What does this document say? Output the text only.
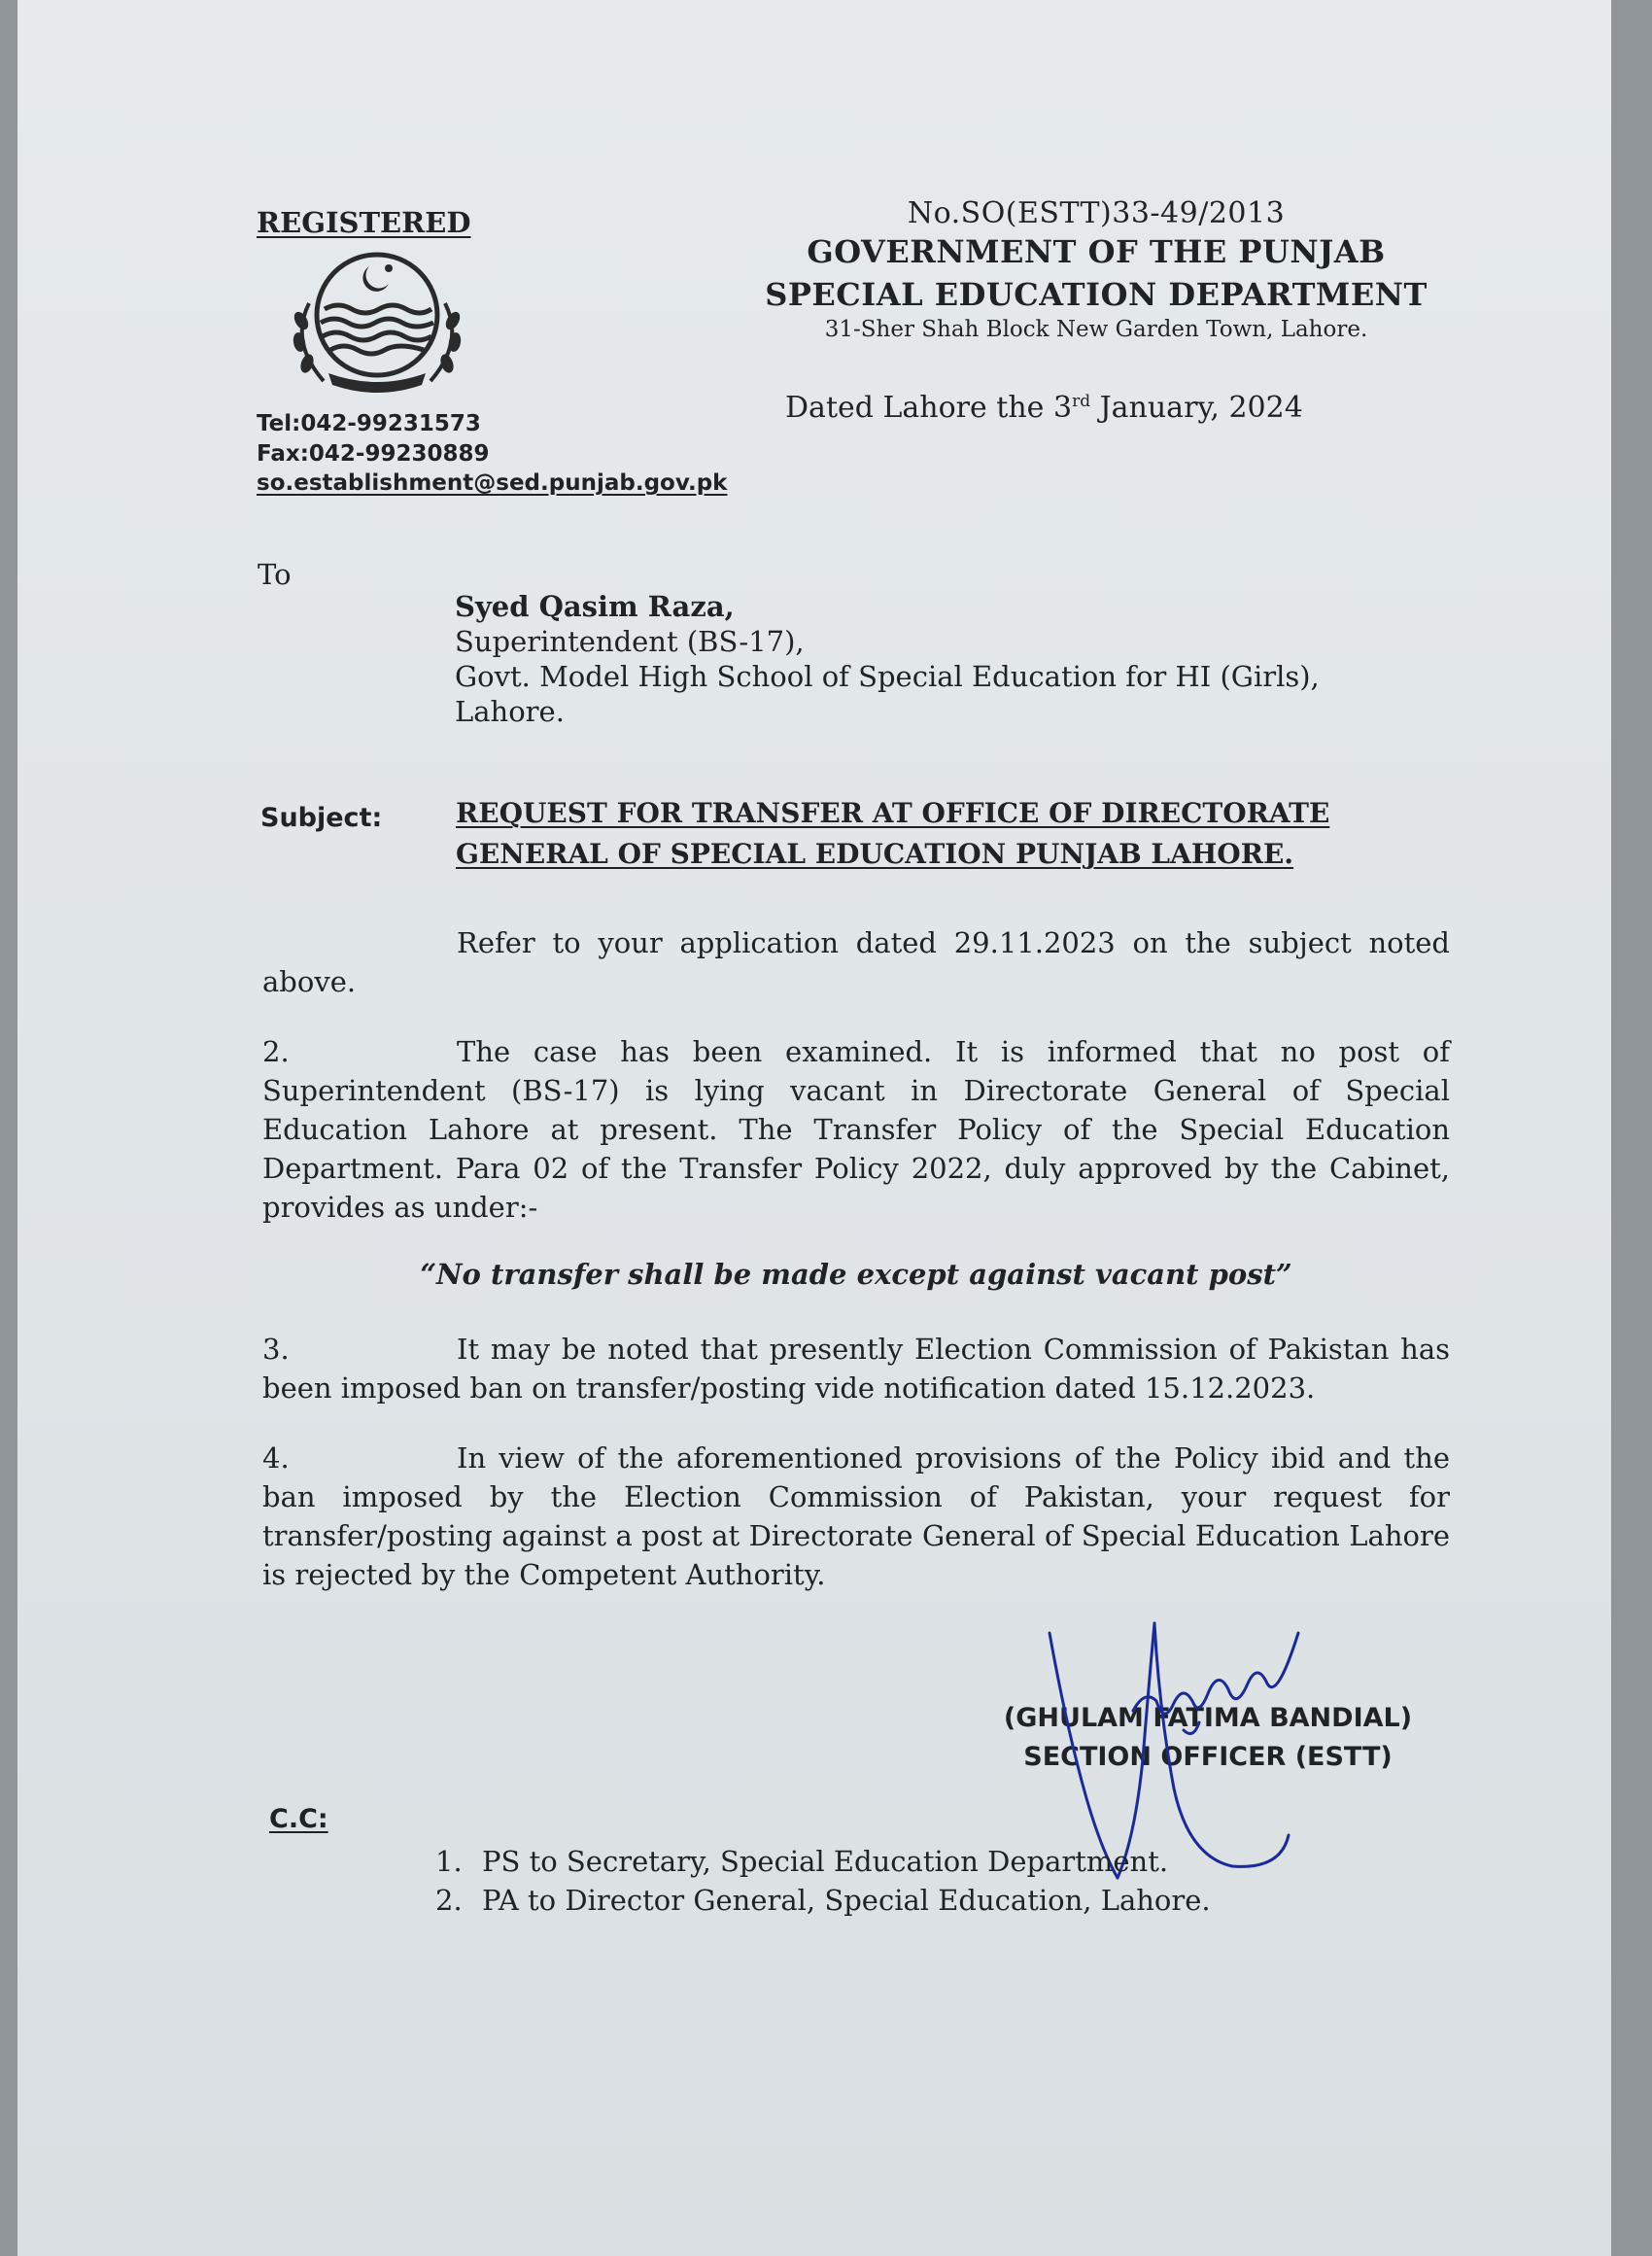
REGISTERED
Tel:042-99231573
Fax:042-99230889
so.establishment@sed.punjab.gov.pk
No.SO(ESTT)33-49/2013
GOVERNMENT OF THE PUNJAB
SPECIAL EDUCATION DEPARTMENT
31-Sher Shah Block New Garden Town, Lahore.
Dated Lahore the 3rd January, 2024
To
Syed Qasim Raza,
Superintendent (BS-17),
Govt. Model High School of Special Education for HI (Girls),
Lahore.
Subject:	REQUEST FOR TRANSFER AT OFFICE OF DIRECTORATE
GENERAL OF SPECIAL EDUCATION PUNJAB LAHORE.
Refer to your application dated 29.11.2023 on the subject noted above.
2.	The case has been examined. It is informed that no post of Superintendent (BS-17) is lying vacant in Directorate General of Special Education Lahore at present. The Transfer Policy of the Special Education Department. Para 02 of the Transfer Policy 2022, duly approved by the Cabinet, provides as under:-
“No transfer shall be made except against vacant post”
3.	It may be noted that presently Election Commission of Pakistan has been imposed ban on transfer/posting vide notification dated 15.12.2023.
4.	In view of the aforementioned provisions of the Policy ibid and the ban imposed by the Election Commission of Pakistan, your request for transfer/posting against a post at Directorate General of Special Education Lahore is rejected by the Competent Authority.
(GHULAM FATIMA BANDIAL)
SECTION OFFICER (ESTT)
C.C:
1. PS to Secretary, Special Education Department.
2. PA to Director General, Special Education, Lahore.
